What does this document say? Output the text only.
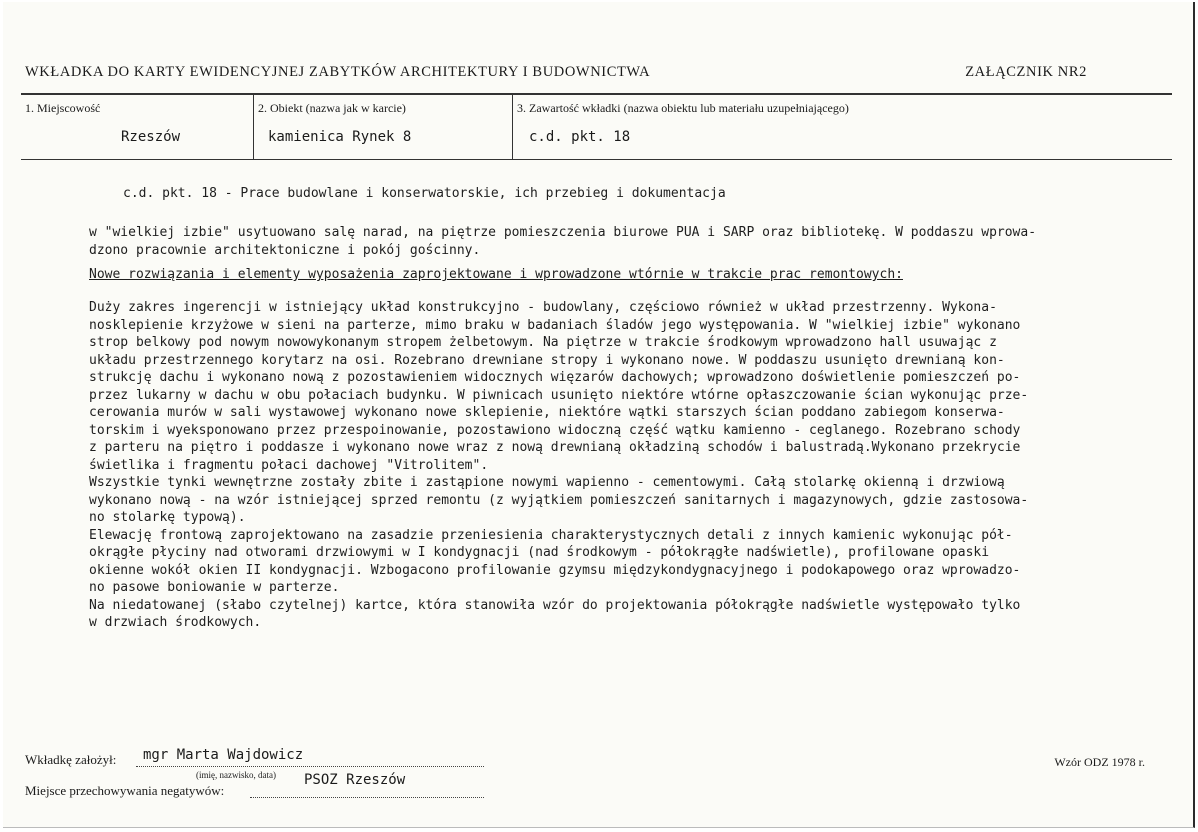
WKŁADKA DO KARTY EWIDENCYJNEJ ZABYTKÓW ARCHITEKTURY I BUDOWNICTWA	ZAŁĄCZNIK NR2
1. Miejscowość
Rzeszów
2. Obiekt (nazwa jak w karcie)
kamienica Rynek 8
3. Zawartość wkładki (nazwa obiektu lub materiału uzupełniającego)
c.d. pkt. 18
c.d. pkt. 18 - Prace budowlane i konserwatorskie, ich przebieg i dokumentacja
w "wielkiej izbie" usytuowano salę narad, na piętrze pomieszczenia biurowe PUA i SARP oraz bibliotekę. W poddaszu wprowa-
dzono pracownie architektoniczne i pokój gościnny.
Nowe rozwiązania i elementy wyposażenia zaprojektowane i wprowadzone wtórnie w trakcie prac remontowych:
Duży zakres ingerencji w istniejący układ konstrukcyjno - budowlany, częściowo również w układ przestrzenny. Wykona-
nosklepienie krzyżowe w sieni na parterze, mimo braku w badaniach śladów jego występowania. W "wielkiej izbie" wykonano
strop belkowy pod nowym nowowykonanym stropem żelbetowym. Na piętrze w trakcie środkowym wprowadzono hall usuwając z
układu przestrzennego korytarz na osi. Rozebrano drewniane stropy i wykonano nowe. W poddaszu usunięto drewnianą kon-
strukcję dachu i wykonano nową z pozostawieniem widocznych więzarów dachowych; wprowadzono doświetlenie pomieszczeń po-
przez lukarny w dachu w obu połaciach budynku. W piwnicach usunięto niektóre wtórne opłaszczowanie ścian wykonując prze-
cerowania murów w sali wystawowej wykonano nowe sklepienie, niektóre wątki starszych ścian poddano zabiegom konserwa-
torskim i wyeksponowano przez przespoinowanie, pozostawiono widoczną część wątku kamienno - ceglanego. Rozebrano schody
z parteru na piętro i poddasze i wykonano nowe wraz z nową drewnianą okładziną schodów i balustradą.Wykonano przekrycie
świetlika i fragmentu połaci dachowej "Vitrolitem".
Wszystkie tynki wewnętrzne zostały zbite i zastąpione nowymi wapienno - cementowymi. Całą stolarkę okienną i drzwiową
wykonano nową - na wzór istniejącej sprzed remontu (z wyjątkiem pomieszczeń sanitarnych i magazynowych, gdzie zastosowa-
no stolarkę typową).
Elewację frontową zaprojektowano na zasadzie przeniesienia charakterystycznych detali z innych kamienic wykonując pół-
okrągłe płyciny nad otworami drzwiowymi w I kondygnacji (nad środkowym - półokrągłe nadświetle), profilowane opaski
okienne wokół okien II kondygnacji. Wzbogacono profilowanie gzymsu międzykondygnacyjnego i podokapowego oraz wprowadzo-
no pasowe boniowanie w parterze.
Na niedatowanej (słabo czytelnej) kartce, która stanowiła wzór do projektowania półokrągłe nadświetle występowało tylko
w drzwiach środkowych.
Wkładkę założył: mgr Marta Wajdowicz
(imię, nazwisko, data)
Miejsce przechowywania negatywów:
PSOZ Rzeszów
Wzór ODZ 1978 r.
